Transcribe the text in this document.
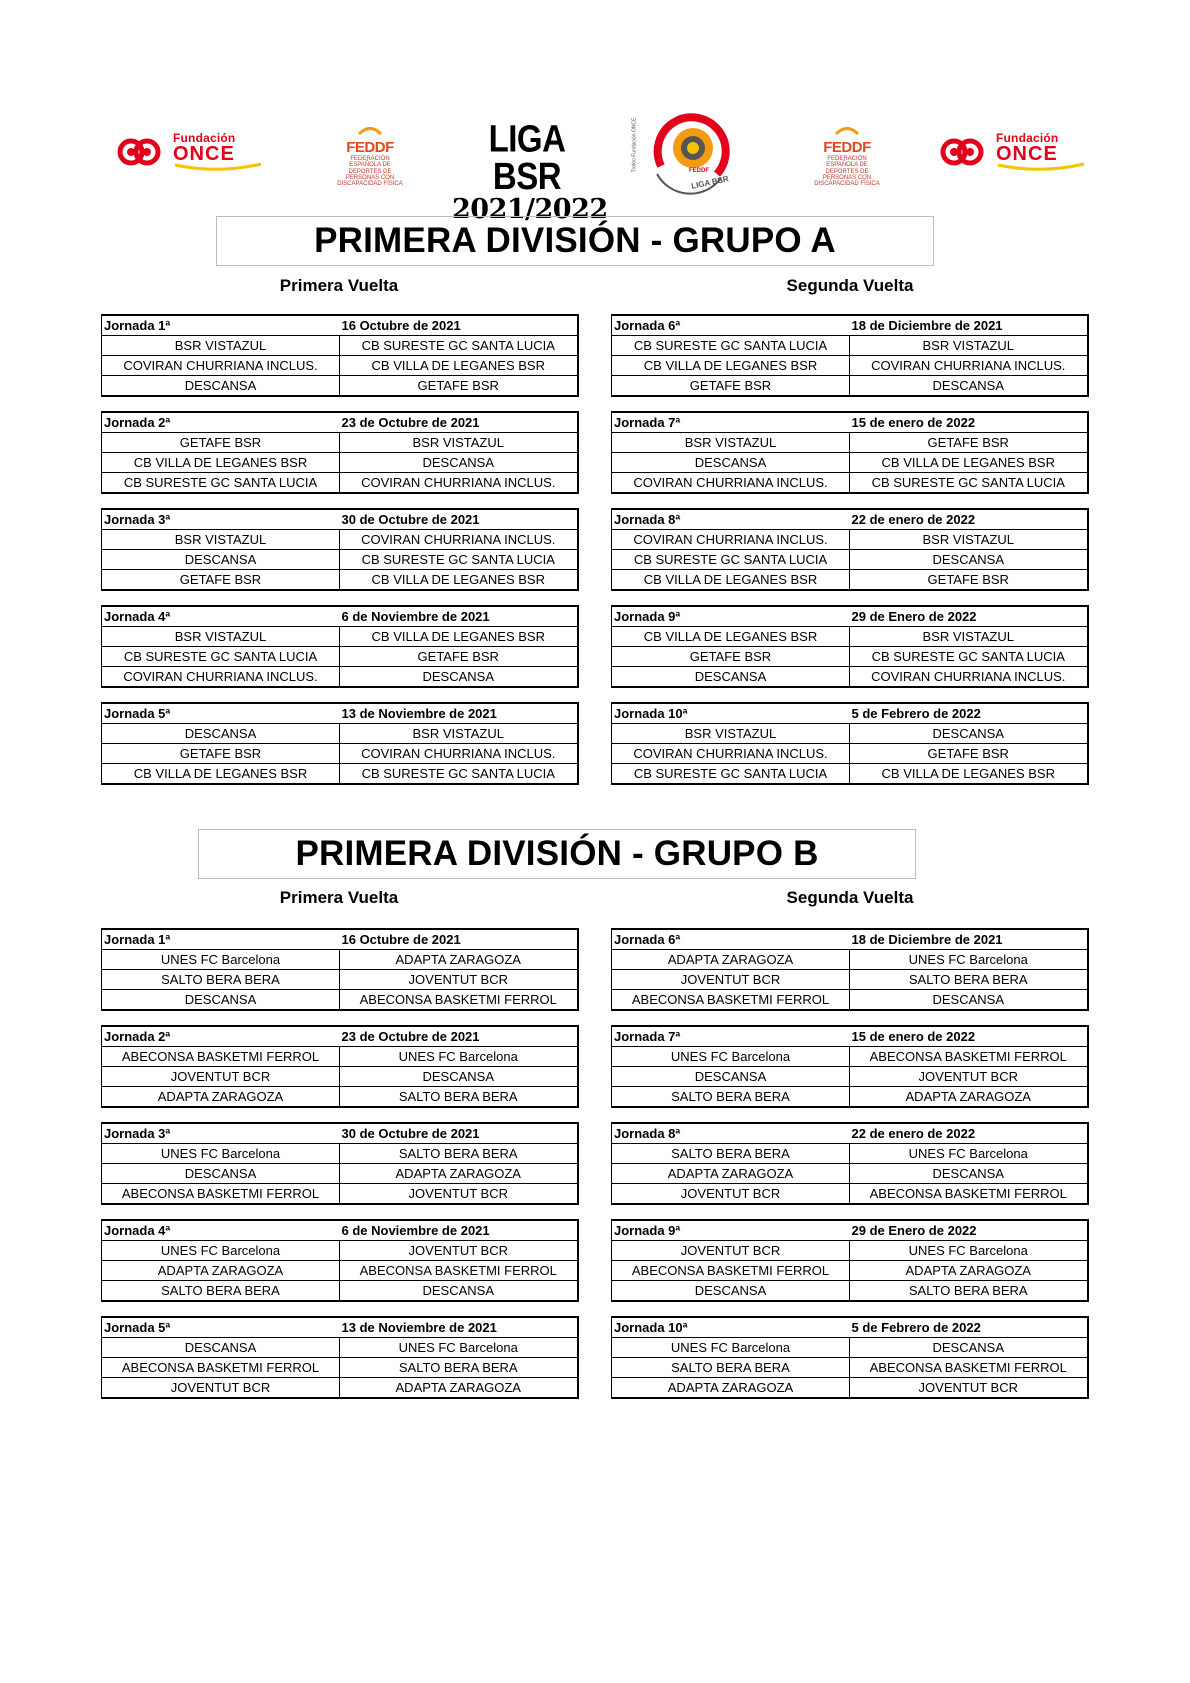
Fundación
ONCE	FEDDF
FEDERACIÓN ESPAÑOLA DE DEPORTES DE PERSONAS CON DISCAPACIDAD FÍSICA
LIGA BSR
2021/2022
FEDDF
LIGA BSR
Trofeo Fundación ONCE	FEDDF
FEDERACIÓN ESPAÑOLA DE DEPORTES DE PERSONAS CON DISCAPACIDAD FÍSICA
Fundación
ONCE
PRIMERA DIVISIÓN - GRUPO A
Primera Vuelta	Segunda Vuelta
Jornada 1ª	16 Octubre de 2021
BSR VISTAZUL	CB SURESTE GC SANTA LUCIA
COVIRAN CHURRIANA INCLUS.	CB VILLA DE LEGANES BSR
DESCANSA	GETAFE BSR
Jornada 2ª	23 de Octubre de 2021
GETAFE BSR	BSR VISTAZUL
CB VILLA DE LEGANES BSR	DESCANSA
CB SURESTE GC SANTA LUCIA	COVIRAN CHURRIANA INCLUS.
Jornada 3ª	30 de Octubre de 2021
BSR VISTAZUL	COVIRAN CHURRIANA INCLUS.
DESCANSA	CB SURESTE GC SANTA LUCIA
GETAFE BSR	CB VILLA DE LEGANES BSR
Jornada 4ª	6 de Noviembre de 2021
BSR VISTAZUL	CB VILLA DE LEGANES BSR
CB SURESTE GC SANTA LUCIA	GETAFE BSR
COVIRAN CHURRIANA INCLUS.	DESCANSA
Jornada 5ª	13 de Noviembre de 2021
DESCANSA	BSR VISTAZUL
GETAFE BSR	COVIRAN CHURRIANA INCLUS.
CB VILLA DE LEGANES BSR	CB SURESTE GC SANTA LUCIA
Jornada 6ª	18 de Diciembre de 2021
CB SURESTE GC SANTA LUCIA	BSR VISTAZUL
CB VILLA DE LEGANES BSR	COVIRAN CHURRIANA INCLUS.
GETAFE BSR	DESCANSA
Jornada 7ª	15 de enero de 2022
BSR VISTAZUL	GETAFE BSR
DESCANSA	CB VILLA DE LEGANES BSR
COVIRAN CHURRIANA INCLUS.	CB SURESTE GC SANTA LUCIA
Jornada 8ª	22 de enero de 2022
COVIRAN CHURRIANA INCLUS.	BSR VISTAZUL
CB SURESTE GC SANTA LUCIA	DESCANSA
CB VILLA DE LEGANES BSR	GETAFE BSR
Jornada 9ª	29 de Enero de 2022
CB VILLA DE LEGANES BSR	BSR VISTAZUL
GETAFE BSR	CB SURESTE GC SANTA LUCIA
DESCANSA	COVIRAN CHURRIANA INCLUS.
Jornada 10ª	5 de Febrero de 2022
BSR VISTAZUL	DESCANSA
COVIRAN CHURRIANA INCLUS.	GETAFE BSR
CB SURESTE GC SANTA LUCIA	CB VILLA DE LEGANES BSR
PRIMERA DIVISIÓN - GRUPO B
Primera Vuelta	Segunda Vuelta
Jornada 1ª	16 Octubre de 2021
UNES FC Barcelona	ADAPTA ZARAGOZA
SALTO BERA BERA	JOVENTUT BCR
DESCANSA	ABECONSA BASKETMI FERROL
Jornada 2ª	23 de Octubre de 2021
ABECONSA BASKETMI FERROL	UNES FC Barcelona
JOVENTUT BCR	DESCANSA
ADAPTA ZARAGOZA	SALTO BERA BERA
Jornada 3ª	30 de Octubre de 2021
UNES FC Barcelona	SALTO BERA BERA
DESCANSA	ADAPTA ZARAGOZA
ABECONSA BASKETMI FERROL	JOVENTUT BCR
Jornada 4ª	6 de Noviembre de 2021
UNES FC Barcelona	JOVENTUT BCR
ADAPTA ZARAGOZA	ABECONSA BASKETMI FERROL
SALTO BERA BERA	DESCANSA
Jornada 5ª	13 de Noviembre de 2021
DESCANSA	UNES FC Barcelona
ABECONSA BASKETMI FERROL	SALTO BERA BERA
JOVENTUT BCR	ADAPTA ZARAGOZA
Jornada 6ª	18 de Diciembre de 2021
ADAPTA ZARAGOZA	UNES FC Barcelona
JOVENTUT BCR	SALTO BERA BERA
ABECONSA BASKETMI FERROL	DESCANSA
Jornada 7ª	15 de enero de 2022
UNES FC Barcelona	ABECONSA BASKETMI FERROL
DESCANSA	JOVENTUT BCR
SALTO BERA BERA	ADAPTA ZARAGOZA
Jornada 8ª	22 de enero de 2022
SALTO BERA BERA	UNES FC Barcelona
ADAPTA ZARAGOZA	DESCANSA
JOVENTUT BCR	ABECONSA BASKETMI FERROL
Jornada 9ª	29 de Enero de 2022
JOVENTUT BCR	UNES FC Barcelona
ABECONSA BASKETMI FERROL	ADAPTA ZARAGOZA
DESCANSA	SALTO BERA BERA
Jornada 10ª	5 de Febrero de 2022
UNES FC Barcelona	DESCANSA
SALTO BERA BERA	ABECONSA BASKETMI FERROL
ADAPTA ZARAGOZA	JOVENTUT BCR
